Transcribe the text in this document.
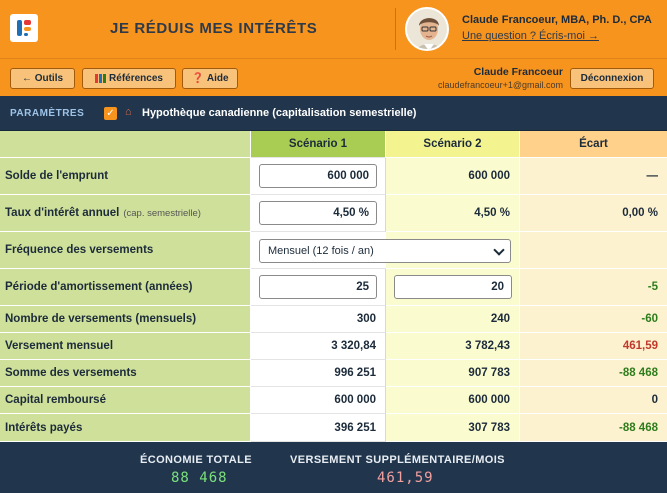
JE RÉDUIS MES INTÉRÊTS	Claude Francoeur, MBA, Ph. D., CPA
Une question ? Écris-moi →
← Outils	Références	❓ Aide
Claude Francoeur
claudefrancoeur+1@gmail.com
Déconnexion
PARAMÈTRES ✓ ⌂ Hypothèque canadienne (capitalisation semestrielle)
Scénario 1	Scénario 2	Écart
Solde de l'emprunt	600 000	600 000	—
Taux d'intérêt annuel (cap. semestrielle)	4,50 %	4,50 %	0,00 %
Fréquence des versements	Mensuel (12 fois / an)
Période d'amortissement (années)	25	20	-5
Nombre de versements (mensuels)	300	240	-60
Versement mensuel	3 320,84	3 782,43	461,59
Somme des versements	996 251	907 783	-88 468
Capital remboursé	600 000	600 000	0
Intérêts payés	396 251	307 783	-88 468
ÉCONOMIE TOTALE
88 468
VERSEMENT SUPPLÉMENTAIRE/MOIS
461,59
